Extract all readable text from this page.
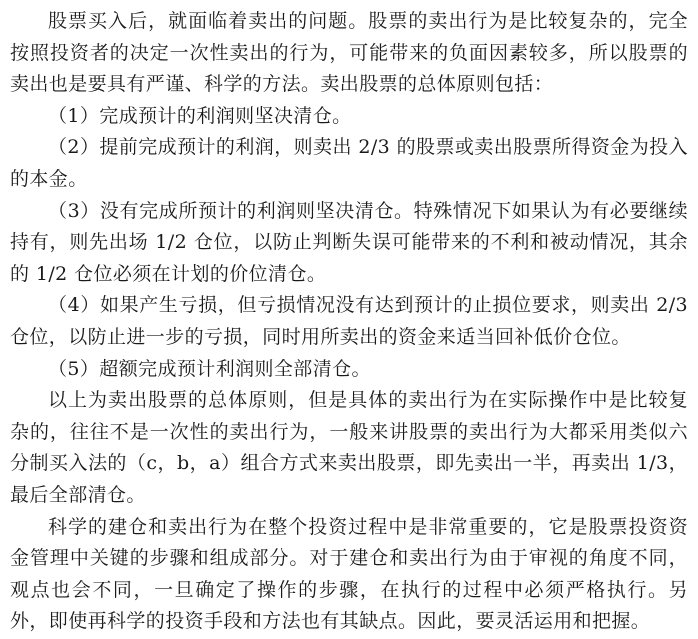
股票买入后，就面临着卖出的问题。股票的卖出行为是比较复杂的，完全按照投资者的决定一次性卖出的行为，可能带来的负面因素较多，所以股票的卖出也是要具有严谨、科学的方法。卖出股票的总体原则包括：

（1）完成预计的利润则坚决清仓。

（2）提前完成预计的利润，则卖出 2/3 的股票或卖出股票所得资金为投入的本金。

（3）没有完成所预计的利润则坚决清仓。特殊情况下如果认为有必要继续持有，则先出场 1/2 仓位，以防止判断失误可能带来的不利和被动情况，其余的 1/2 仓位必须在计划的价位清仓。

（4）如果产生亏损，但亏损情况没有达到预计的止损位要求，则卖出 2/3 仓位，以防止进一步的亏损，同时用所卖出的资金来适当回补低价仓位。

（5）超额完成预计利润则全部清仓。

以上为卖出股票的总体原则，但是具体的卖出行为在实际操作中是比较复杂的，往往不是一次性的卖出行为，一般来讲股票的卖出行为大都采用类似六分制买入法的（c，b，a）组合方式来卖出股票，即先卖出一半，再卖出 1/3，最后全部清仓。

科学的建仓和卖出行为在整个投资过程中是非常重要的，它是股票投资资金管理中关键的步骤和组成部分。对于建仓和卖出行为由于审视的角度不同，观点也会不同，一旦确定了操作的步骤，在执行的过程中必须严格执行。另外，即使再科学的投资手段和方法也有其缺点。因此，要灵活运用和把握。
